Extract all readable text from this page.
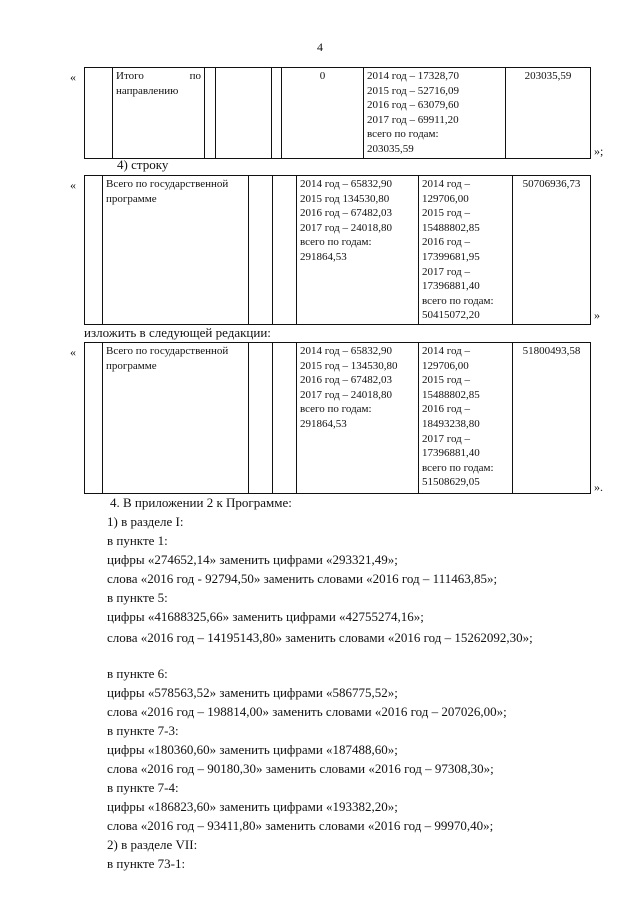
4
«
		Итого по направлению				0	2014 год – 17328,70
2015 год – 52716,09
2016 год – 63079,60
2017 год – 69911,20
всего по годам:
203035,59	203035,59
»;
4) строку
«
		Всего по государственной программе			2014 год – 65832,90
2015 год 134530,80
2016 год – 67482,03
2017 год – 24018,80
всего по годам:
291864,53	2014 год –
129706,00
2015 год –
15488802,85
2016 год –
17399681,95
2017 год –
17396881,40
всего по годам:
50415072,20	50706936,73
»
изложить в следующей редакции:
«
		Всего по государственной программе			2014 год – 65832,90
2015 год – 134530,80
2016 год – 67482,03
2017 год – 24018,80
всего по годам:
291864,53	2014 год –
129706,00
2015 год –
15488802,85
2016 год –
18493238,80
2017 год –
17396881,40
всего по годам:
51508629,05	51800493,58
».
4. В приложении 2 к Программе:
1) в разделе I:
в пункте 1:
цифры «274652,14» заменить цифрами «293321,49»;
слова «2016 год - 92794,50» заменить словами «2016 год – 111463,85»;
в пункте 5:
цифры «41688325,66» заменить цифрами «42755274,16»;
слова «2016 год – 14195143,80» заменить словами «2016 год – 15262092,30»;
в пункте 6:
цифры «578563,52» заменить цифрами «586775,52»;
слова «2016 год – 198814,00» заменить словами «2016 год – 207026,00»;
в пункте 7-3:
цифры «180360,60» заменить цифрами «187488,60»;
слова «2016 год – 90180,30» заменить словами «2016 год – 97308,30»;
в пункте 7-4:
цифры «186823,60» заменить цифрами «193382,20»;
слова «2016 год – 93411,80» заменить словами «2016 год – 99970,40»;
2) в разделе VII:
в пункте 73-1:
